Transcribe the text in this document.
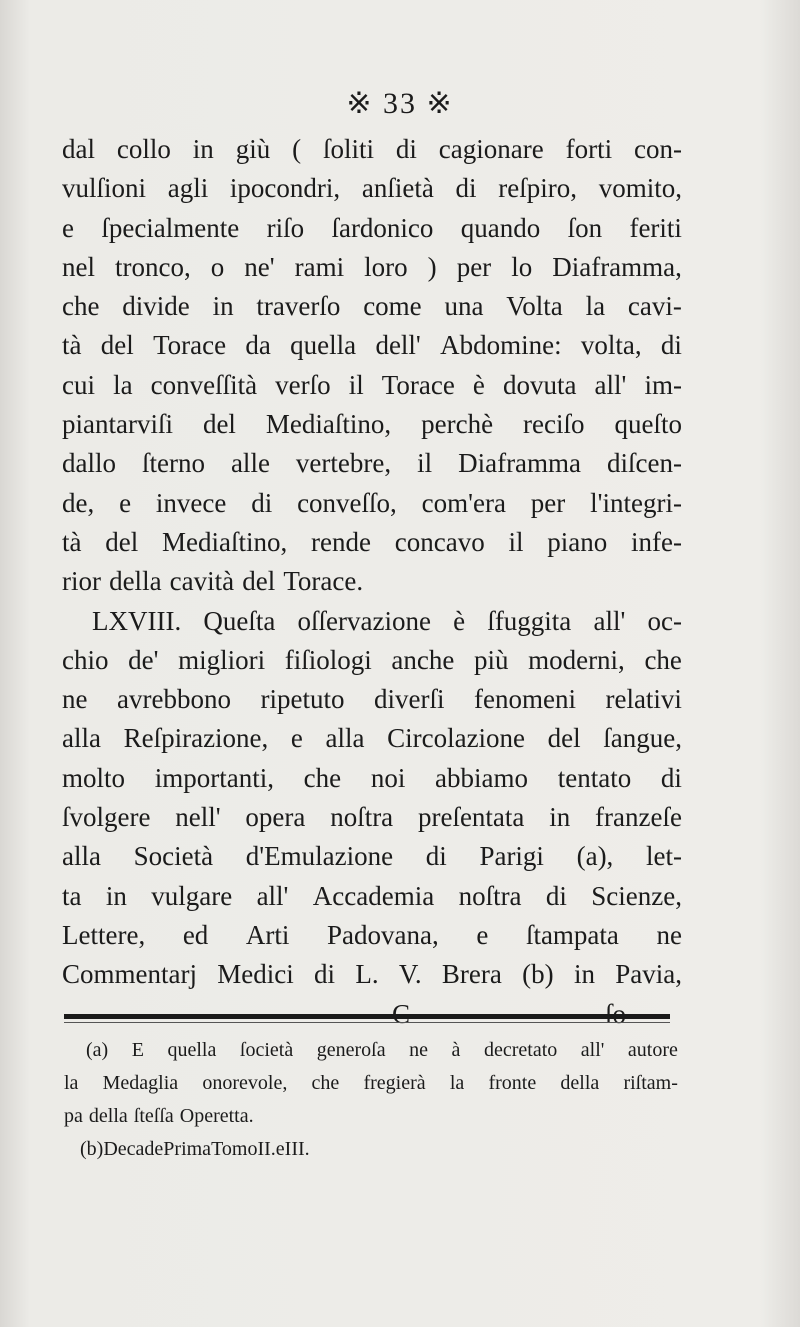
※ 33 ※
dal collo in giù ( ſoliti di cagionare forti con-
vulſioni agli ipocondri, anſietà di reſpiro, vomito,
e ſpecialmente riſo ſardonico quando ſon feriti
nel tronco, o ne' rami loro ) per lo Diaframma,
che divide in traverſo come una Volta la cavi-
tà del Torace da quella dell' Abdomine: volta, di
cui la conveſſità verſo il Torace è dovuta all' im-
piantarviſi del Mediaſtino, perchè reciſo queſto
dallo ſterno alle vertebre, il Diaframma diſcen-
de, e invece di conveſſo, com'era per l'integri-
tà del Mediaſtino, rende concavo il piano infe-
rior della cavità del Torace.
LXVIII. Queſta oſſervazione è ſfuggita all' oc-
chio de' migliori fiſiologi anche più moderni, che
ne avrebbono ripetuto diverſi fenomeni relativi
alla Reſpirazione, e alla Circolazione del ſangue,
molto importanti, che noi abbiamo tentato di
ſvolgere nell' opera noſtra preſentata in franzeſe
alla Società d'Emulazione di Parigi (a), let-
ta in vulgare all' Accademia noſtra di Scienze,
Lettere, ed Arti Padovana, e ſtampata ne
Commentarj Medici di L. V. Brera (b) in Pavia,
(a) E quella ſocietà generoſa ne à decretato all' autore
la Medaglia onorevole, che fregierà la fronte della riſtam-
pa della ſteſſa Operetta.
(b) Decade Prima Tomo II. e III.
